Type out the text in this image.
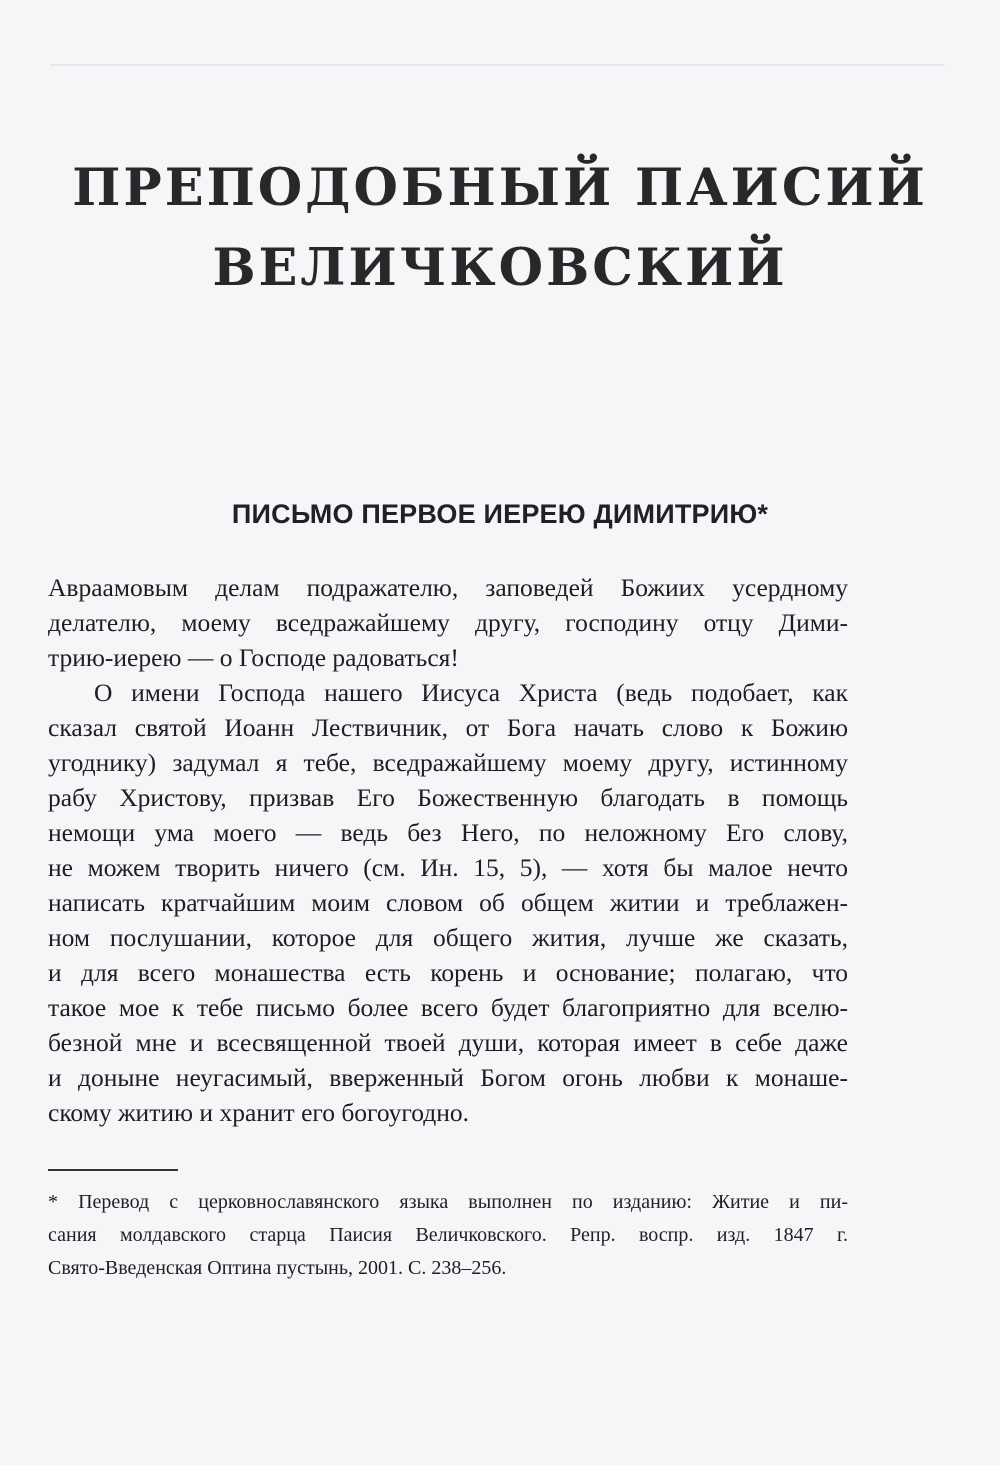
ПРЕПОДОБНЫЙ ПАИСИЙ
ВЕЛИЧКОВСКИЙ
ПИСЬМО ПЕРВОЕ ИЕРЕЮ ДИМИТРИЮ*

Авраамовым делам подражателю, заповедей Божиих усердному
делателю, моему вседражайшему другу, господину отцу Дими-
трию-иерею — о Господе радоваться!

О имени Господа нашего Иисуса Христа (ведь подобает, как
сказал святой Иоанн Лествичник, от Бога начать слово к Божию
угоднику) задумал я тебе, вседражайшему моему другу, истинному
рабу Христову, призвав Его Божественную благодать в помощь
немощи ума моего — ведь без Него, по неложному Его слову,
не можем творить ничего (см. Ин. 15, 5), — хотя бы малое нечто
написать кратчайшим моим словом об общем житии и треблажен-
ном послушании, которое для общего жития, лучше же сказать,
и для всего монашества есть корень и основание; полагаю, что
такое мое к тебе письмо более всего будет благоприятно для вселю-
безной мне и всесвященной твоей души, которая имеет в себе даже
и доныне неугасимый, вверженный Богом огонь любви к монаше-
скому житию и хранит его богоугодно.

* Перевод с церковнославянского языка выполнен по изданию: Житие и пи-
сания молдавского старца Паисия Величковского. Репр. воспр. изд. 1847 г.
Свято-Введенская Оптина пустынь, 2001. С. 238–256.
